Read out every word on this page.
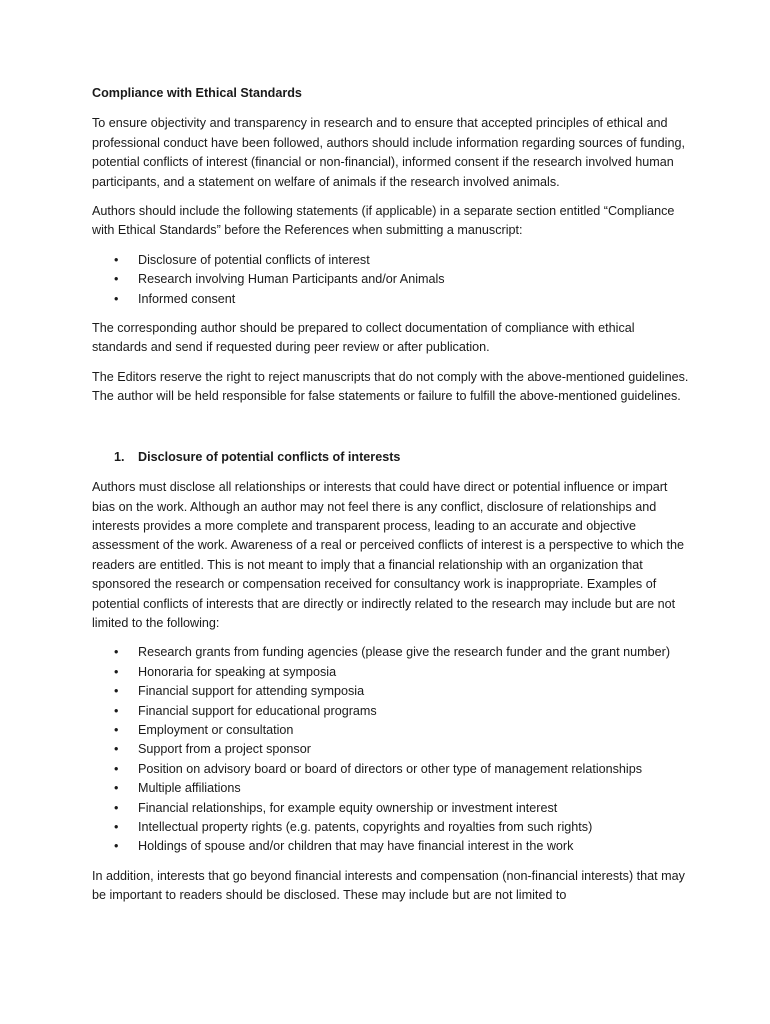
Compliance with Ethical Standards

To ensure objectivity and transparency in research and to ensure that accepted principles of ethical and professional conduct have been followed, authors should include information regarding sources of funding, potential conflicts of interest (financial or non-financial), informed consent if the research involved human participants, and a statement on welfare of animals if the research involved animals.

Authors should include the following statements (if applicable) in a separate section entitled “Compliance with Ethical Standards” before the References when submitting a manuscript:

• Disclosure of potential conflicts of interest
• Research involving Human Participants and/or Animals
• Informed consent

The corresponding author should be prepared to collect documentation of compliance with ethical standards and send if requested during peer review or after publication.

The Editors reserve the right to reject manuscripts that do not comply with the above-mentioned guidelines. The author will be held responsible for false statements or failure to fulfill the above-mentioned guidelines.

1. Disclosure of potential conflicts of interests

Authors must disclose all relationships or interests that could have direct or potential influence or impart bias on the work. Although an author may not feel there is any conflict, disclosure of relationships and interests provides a more complete and transparent process, leading to an accurate and objective assessment of the work. Awareness of a real or perceived conflicts of interest is a perspective to which the readers are entitled. This is not meant to imply that a financial relationship with an organization that sponsored the research or compensation received for consultancy work is inappropriate. Examples of potential conflicts of interests that are directly or indirectly related to the research may include but are not limited to the following:

• Research grants from funding agencies (please give the research funder and the grant number)
• Honoraria for speaking at symposia
• Financial support for attending symposia
• Financial support for educational programs
• Employment or consultation
• Support from a project sponsor
• Position on advisory board or board of directors or other type of management relationships
• Multiple affiliations
• Financial relationships, for example equity ownership or investment interest
• Intellectual property rights (e.g. patents, copyrights and royalties from such rights)
• Holdings of spouse and/or children that may have financial interest in the work

In addition, interests that go beyond financial interests and compensation (non-financial interests) that may be important to readers should be disclosed. These may include but are not limited to
